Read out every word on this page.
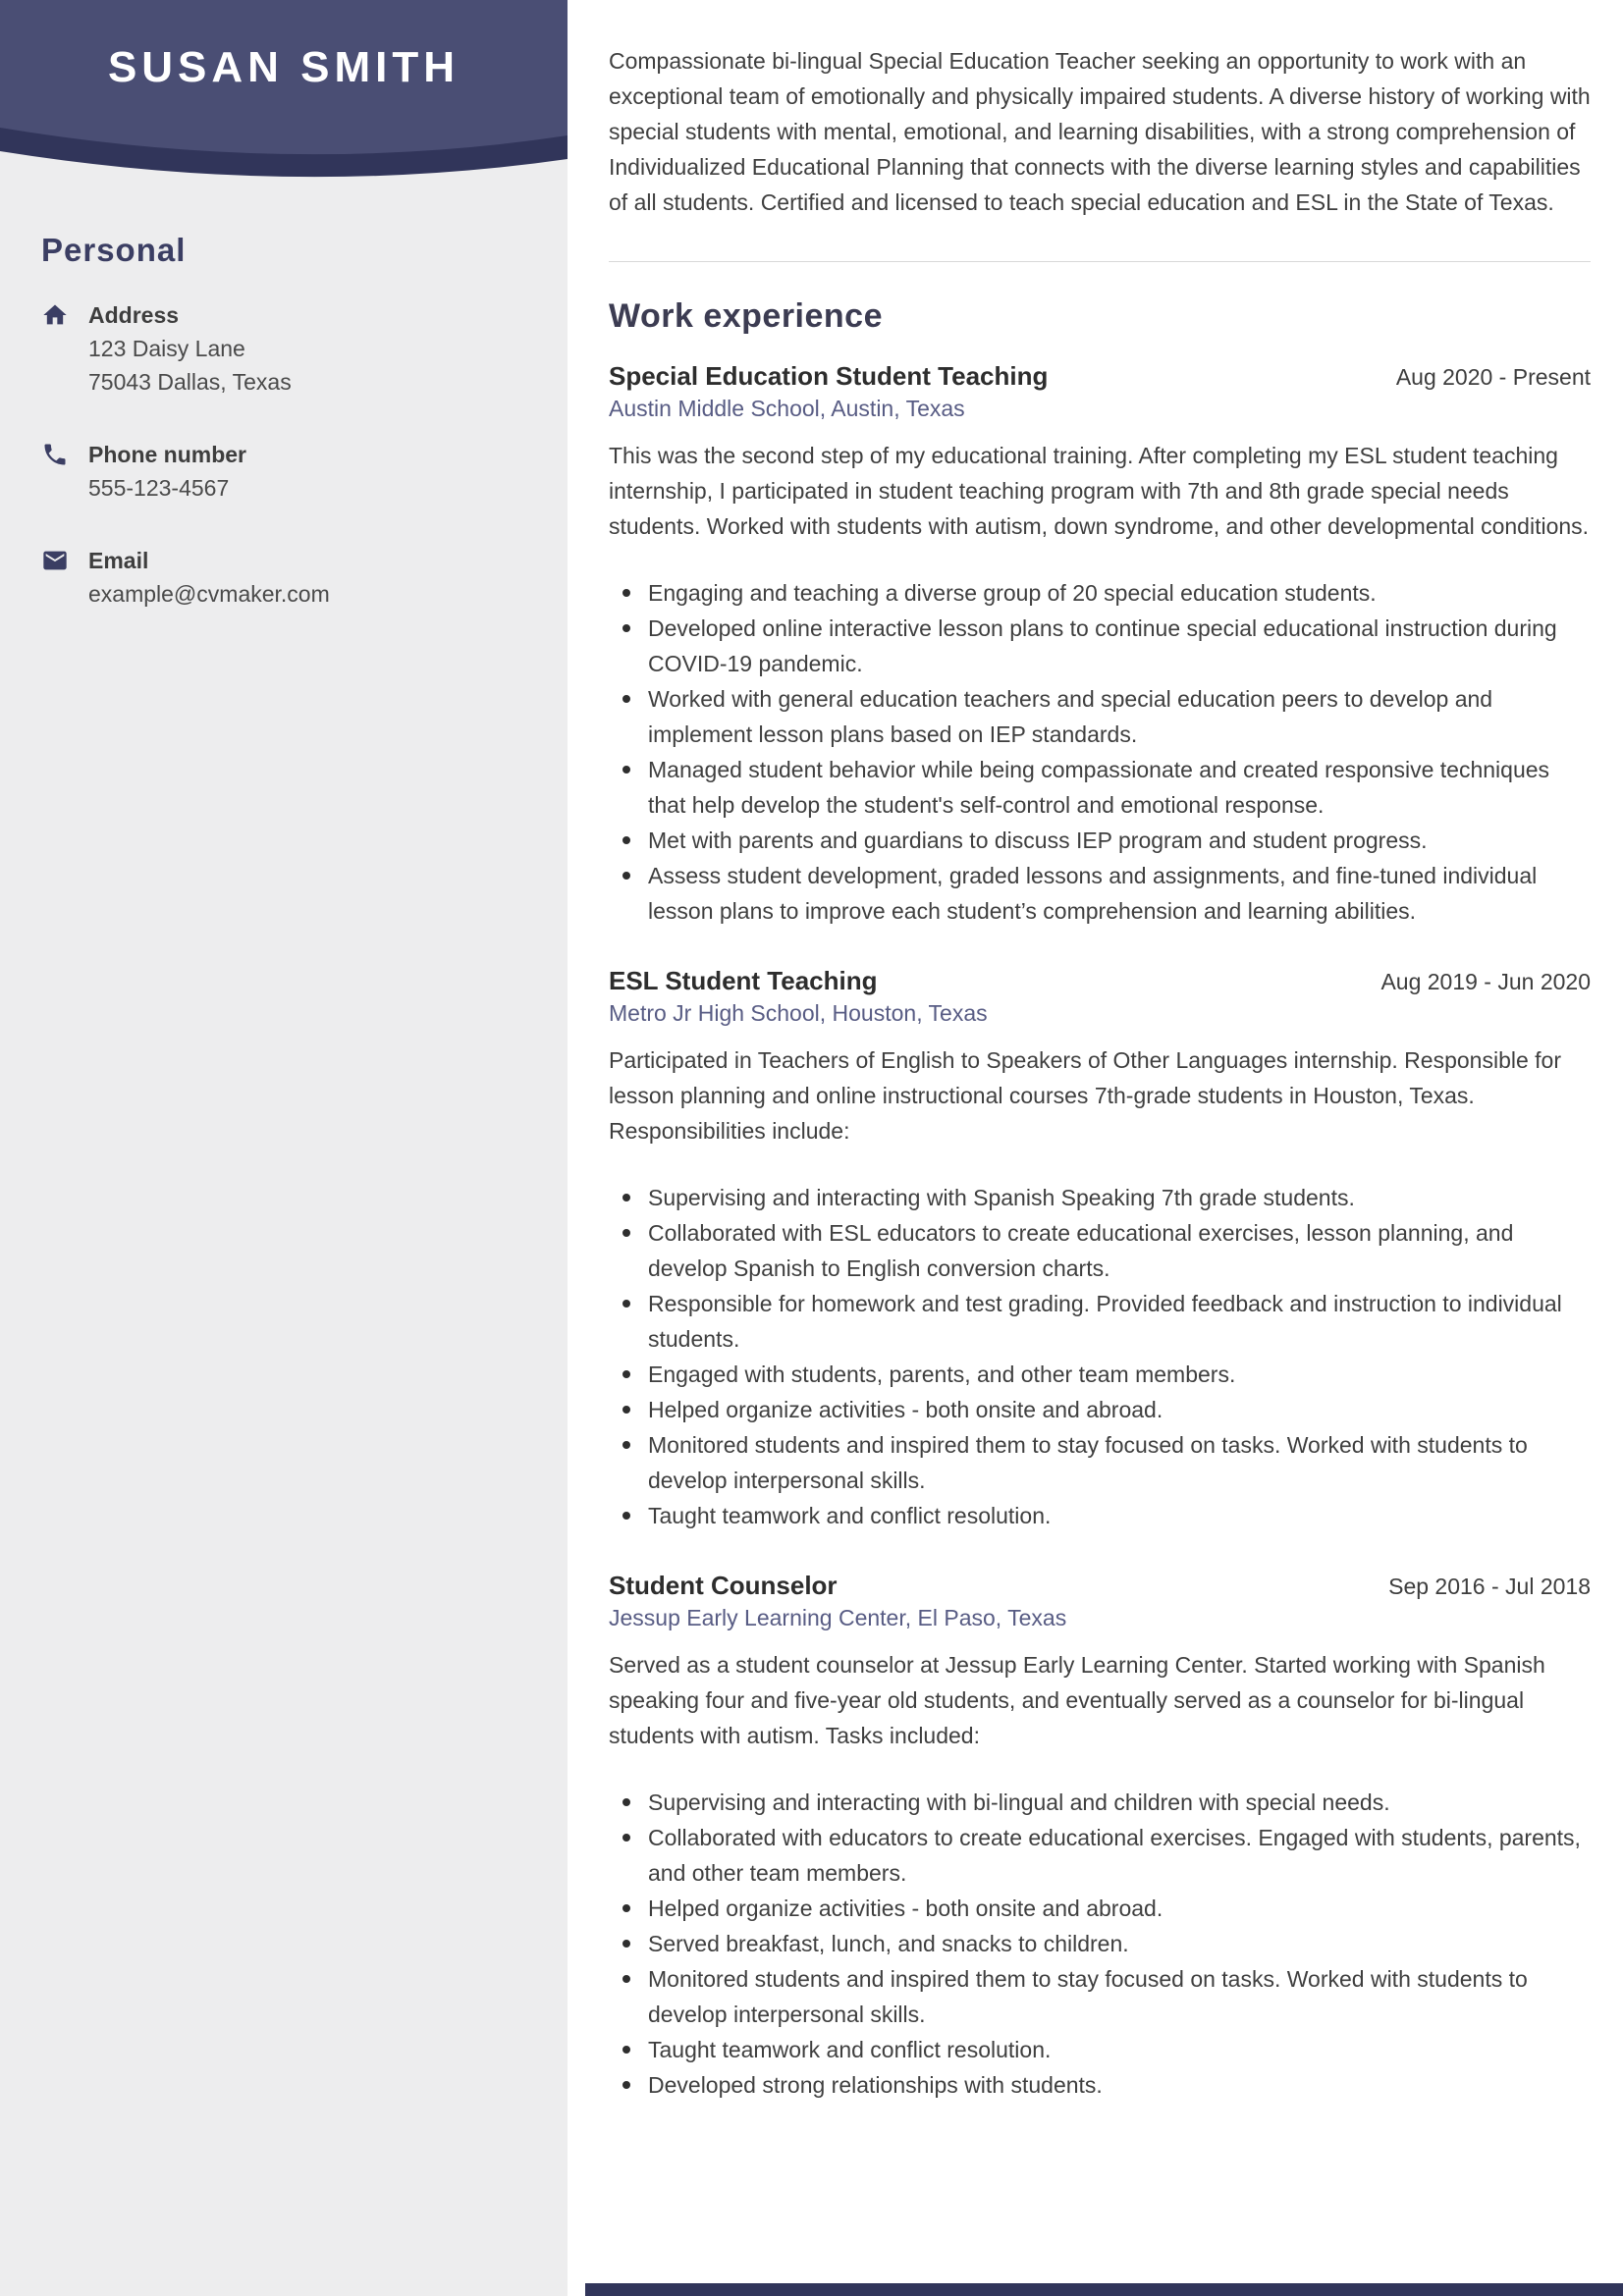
SUSAN SMITH
Personal
Address
123 Daisy Lane
75043 Dallas, Texas
Phone number
555-123-4567
Email
example@cvmaker.com

Compassionate bi-lingual Special Education Teacher seeking an opportunity to work with an exceptional team of emotionally and physically impaired students. A diverse history of working with special students with mental, emotional, and learning disabilities, with a strong comprehension of Individualized Educational Planning that connects with the diverse learning styles and capabilities of all students. Certified and licensed to teach special education and ESL in the State of Texas.

Work experience
Special Education Student Teaching	Aug 2020 - Present
Austin Middle School, Austin, Texas

This was the second step of my educational training. After completing my ESL student teaching internship, I participated in student teaching program with 7th and 8th grade special needs students. Worked with students with autism, down syndrome, and other developmental conditions.

Engaging and teaching a diverse group of 20 special education students.
Developed online interactive lesson plans to continue special educational instruction during COVID-19 pandemic.
Worked with general education teachers and special education peers to develop and implement lesson plans based on IEP standards.
Managed student behavior while being compassionate and created responsive techniques that help develop the student's self-control and emotional response.
Met with parents and guardians to discuss IEP program and student progress.
Assess student development, graded lessons and assignments, and fine-tuned individual lesson plans to improve each student’s comprehension and learning abilities.
ESL Student Teaching	Aug 2019 - Jun 2020
Metro Jr High School, Houston, Texas

Participated in Teachers of English to Speakers of Other Languages internship. Responsible for lesson planning and online instructional courses 7th-grade students in Houston, Texas. Responsibilities include:

Supervising and interacting with Spanish Speaking 7th grade students.
Collaborated with ESL educators to create educational exercises, lesson planning, and develop Spanish to English conversion charts.
Responsible for homework and test grading. Provided feedback and instruction to individual students.
Engaged with students, parents, and other team members.
Helped organize activities - both onsite and abroad.
Monitored students and inspired them to stay focused on tasks. Worked with students to develop interpersonal skills.
Taught teamwork and conflict resolution.
Student Counselor	Sep 2016 - Jul 2018
Jessup Early Learning Center, El Paso, Texas

Served as a student counselor at Jessup Early Learning Center. Started working with Spanish speaking four and five-year old students, and eventually served as a counselor for bi-lingual students with autism. Tasks included:

Supervising and interacting with bi-lingual and children with special needs.
Collaborated with educators to create educational exercises. Engaged with students, parents, and other team members.
Helped organize activities - both onsite and abroad.
Served breakfast, lunch, and snacks to children.
Monitored students and inspired them to stay focused on tasks. Worked with students to develop interpersonal skills.
Taught teamwork and conflict resolution.
Developed strong relationships with students.
